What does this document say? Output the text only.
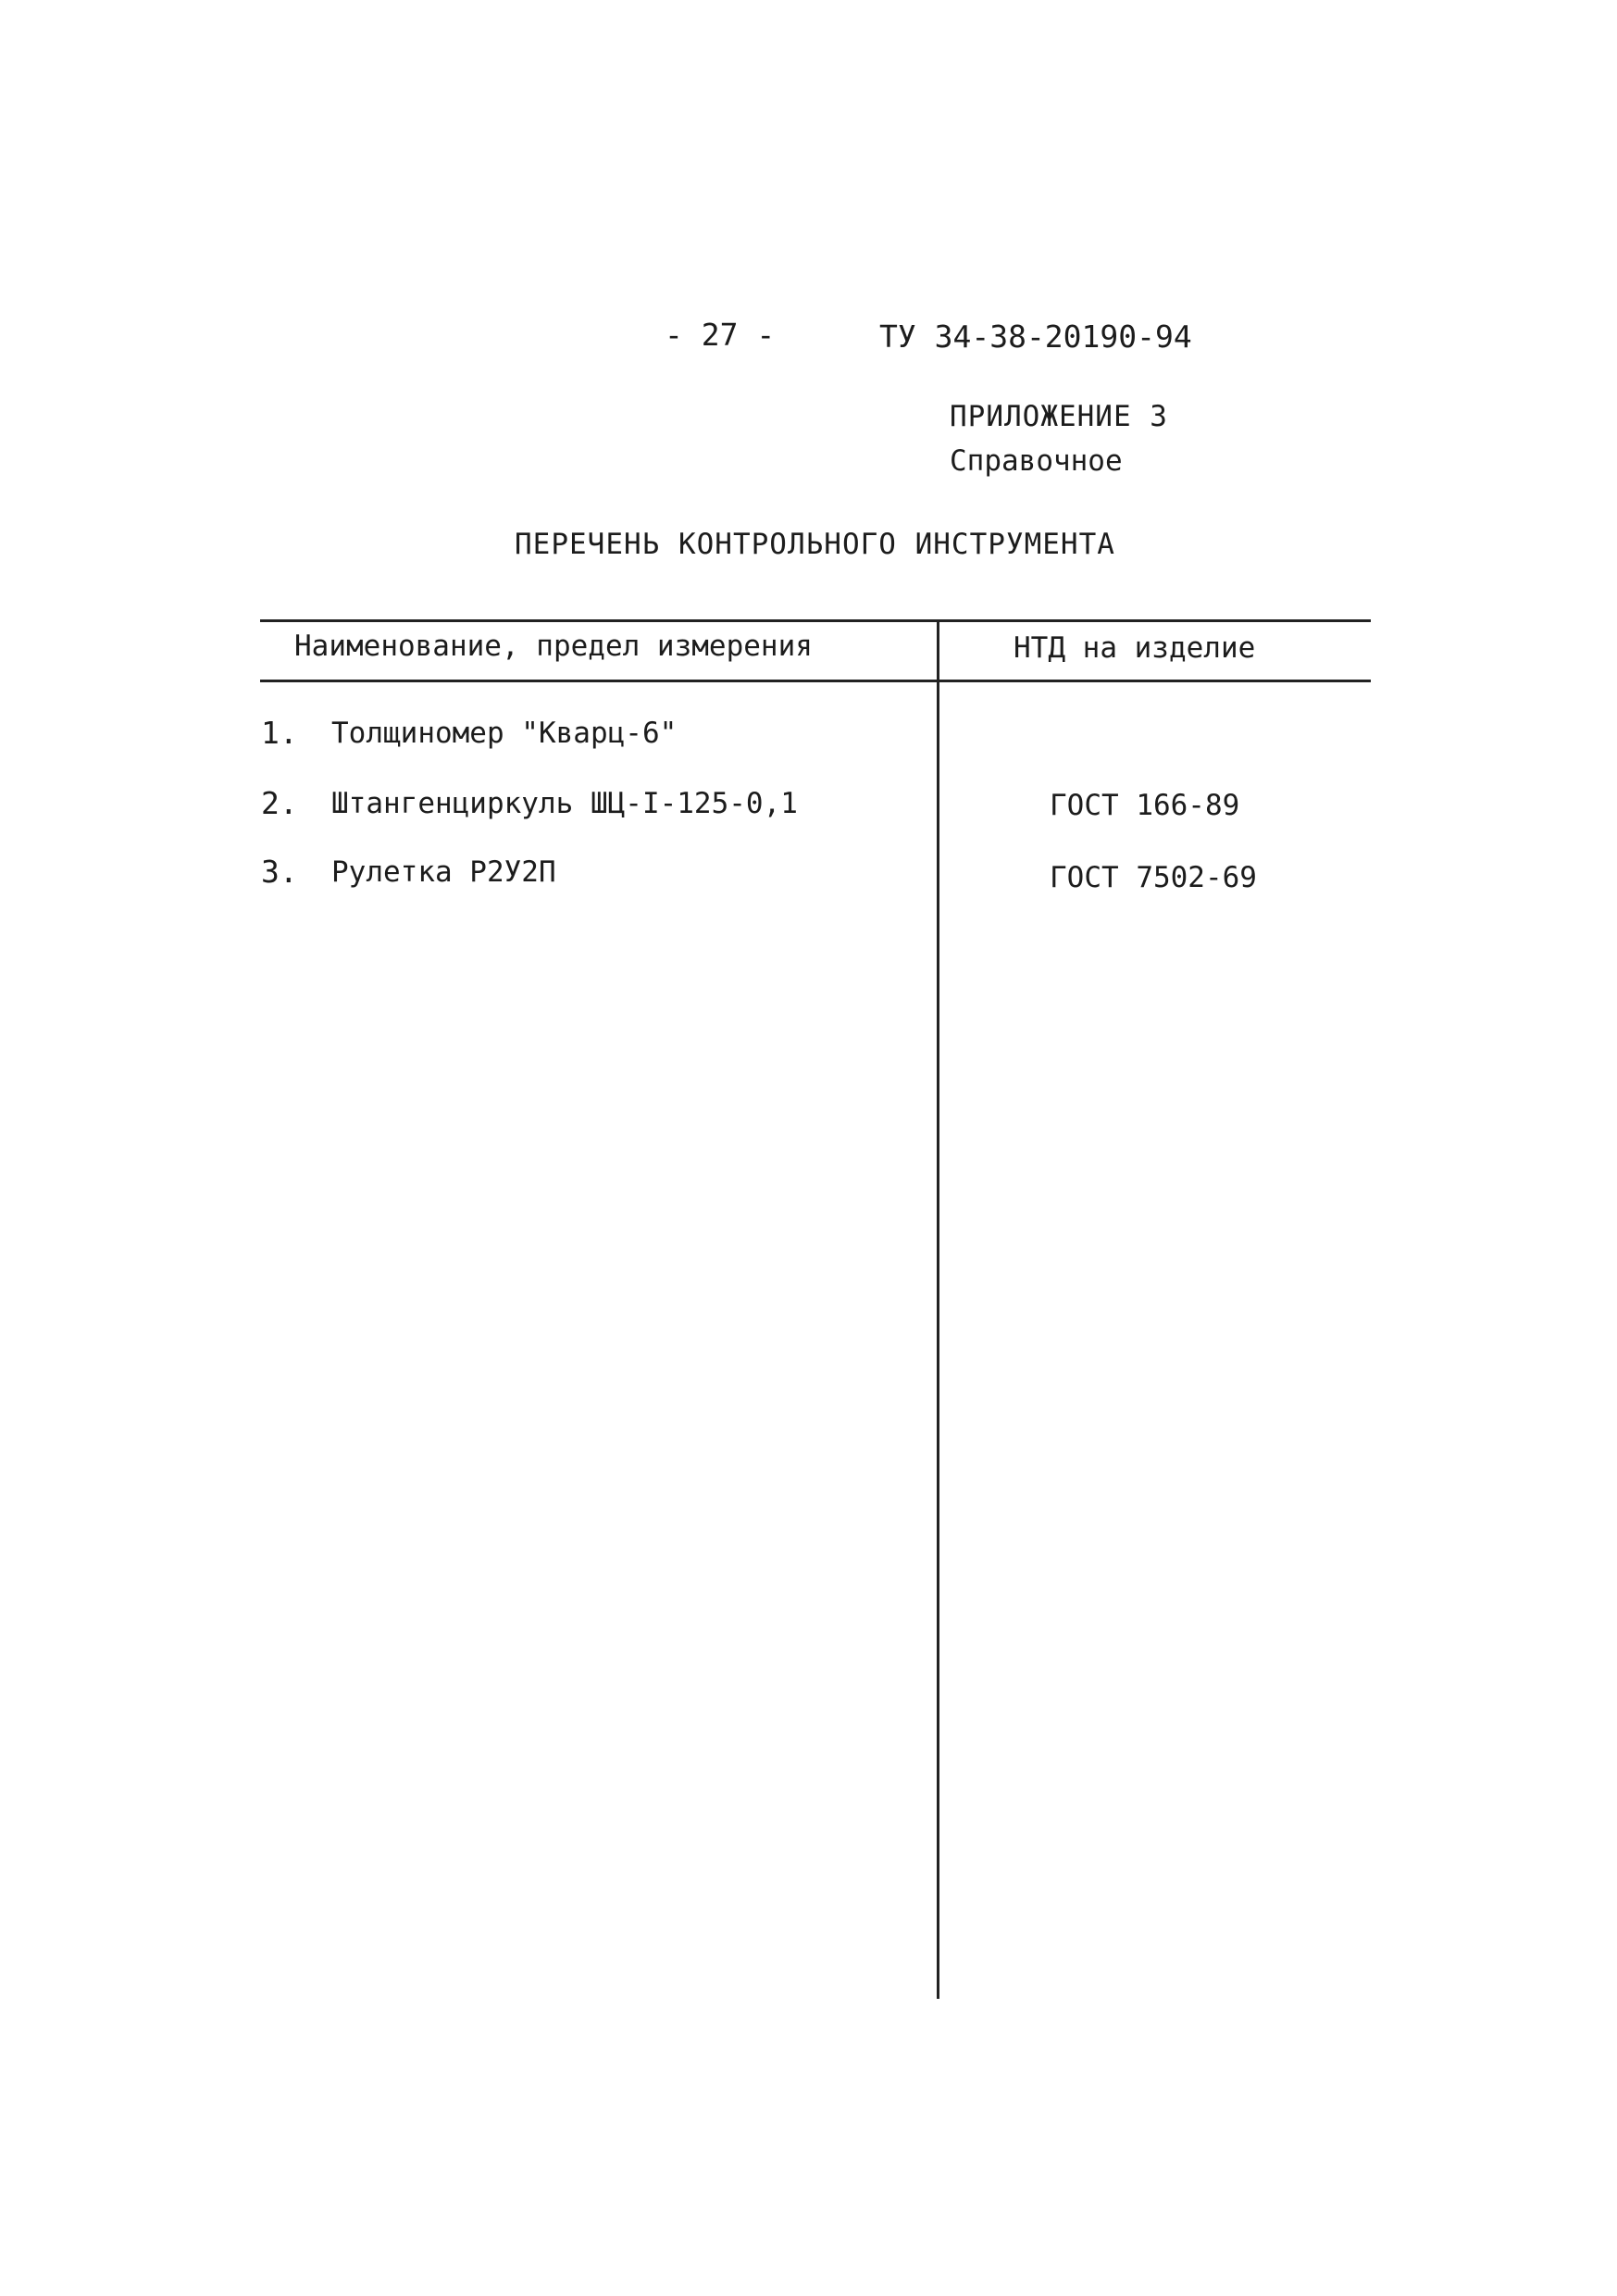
- 27 -	ТУ 34-38-20190-94
ПРИЛОЖЕНИЕ 3
Справочное
ПЕРЕЧЕНЬ КОНТРОЛЬНОГО ИНСТРУМЕНТА
Наименование, предел измерения	НТД на изделие
1. Толщиномер "Кварц-6"
2. Штангенциркуль ШЦ-I-125-0,1	ГОСТ 166-89
3. Рулетка Р2У2П	ГОСТ 7502-69
